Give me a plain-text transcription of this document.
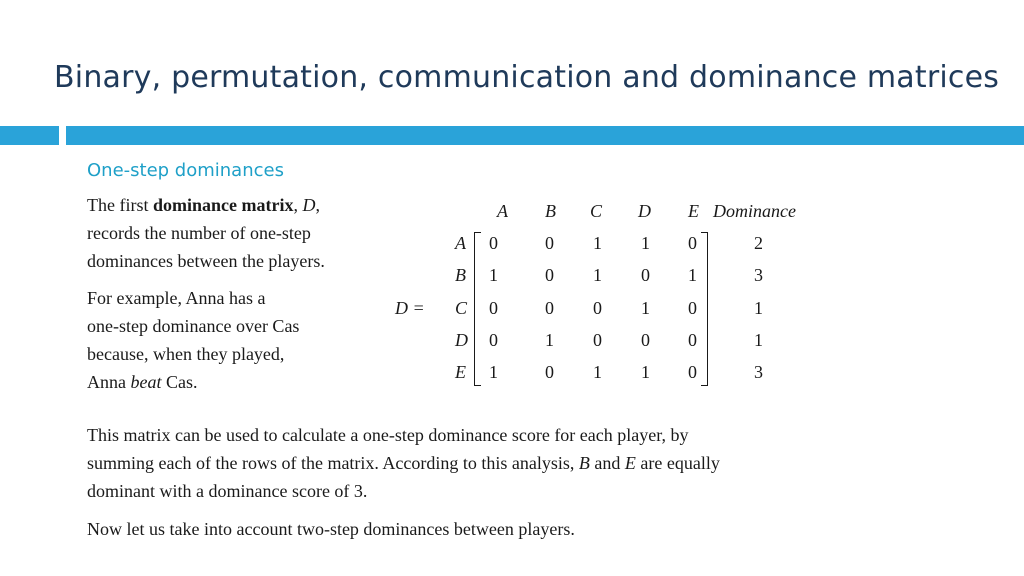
Binary, permutation, communication and dominance matrices
One-step dominances
The first dominance matrix, D,
records the number of one-step
dominances between the players.
For example, Anna has a
one-step dominance over Cas
because, when they played,
Anna beat Cas.
This matrix can be used to calculate a one-step dominance score for each player, by
summing each of the rows of the matrix. According to this analysis, B and E are equally
dominant with a dominance score of 3.
Now let us take into account two-step dominances between players.
D =
A B C D E Dominance
A 0	0 1 1 0	2
B 1	0 1 0 1	3
C 0	0 0 1 0	1
D 0	1 0 0 0	1
E 1	0 1 1 0	3
